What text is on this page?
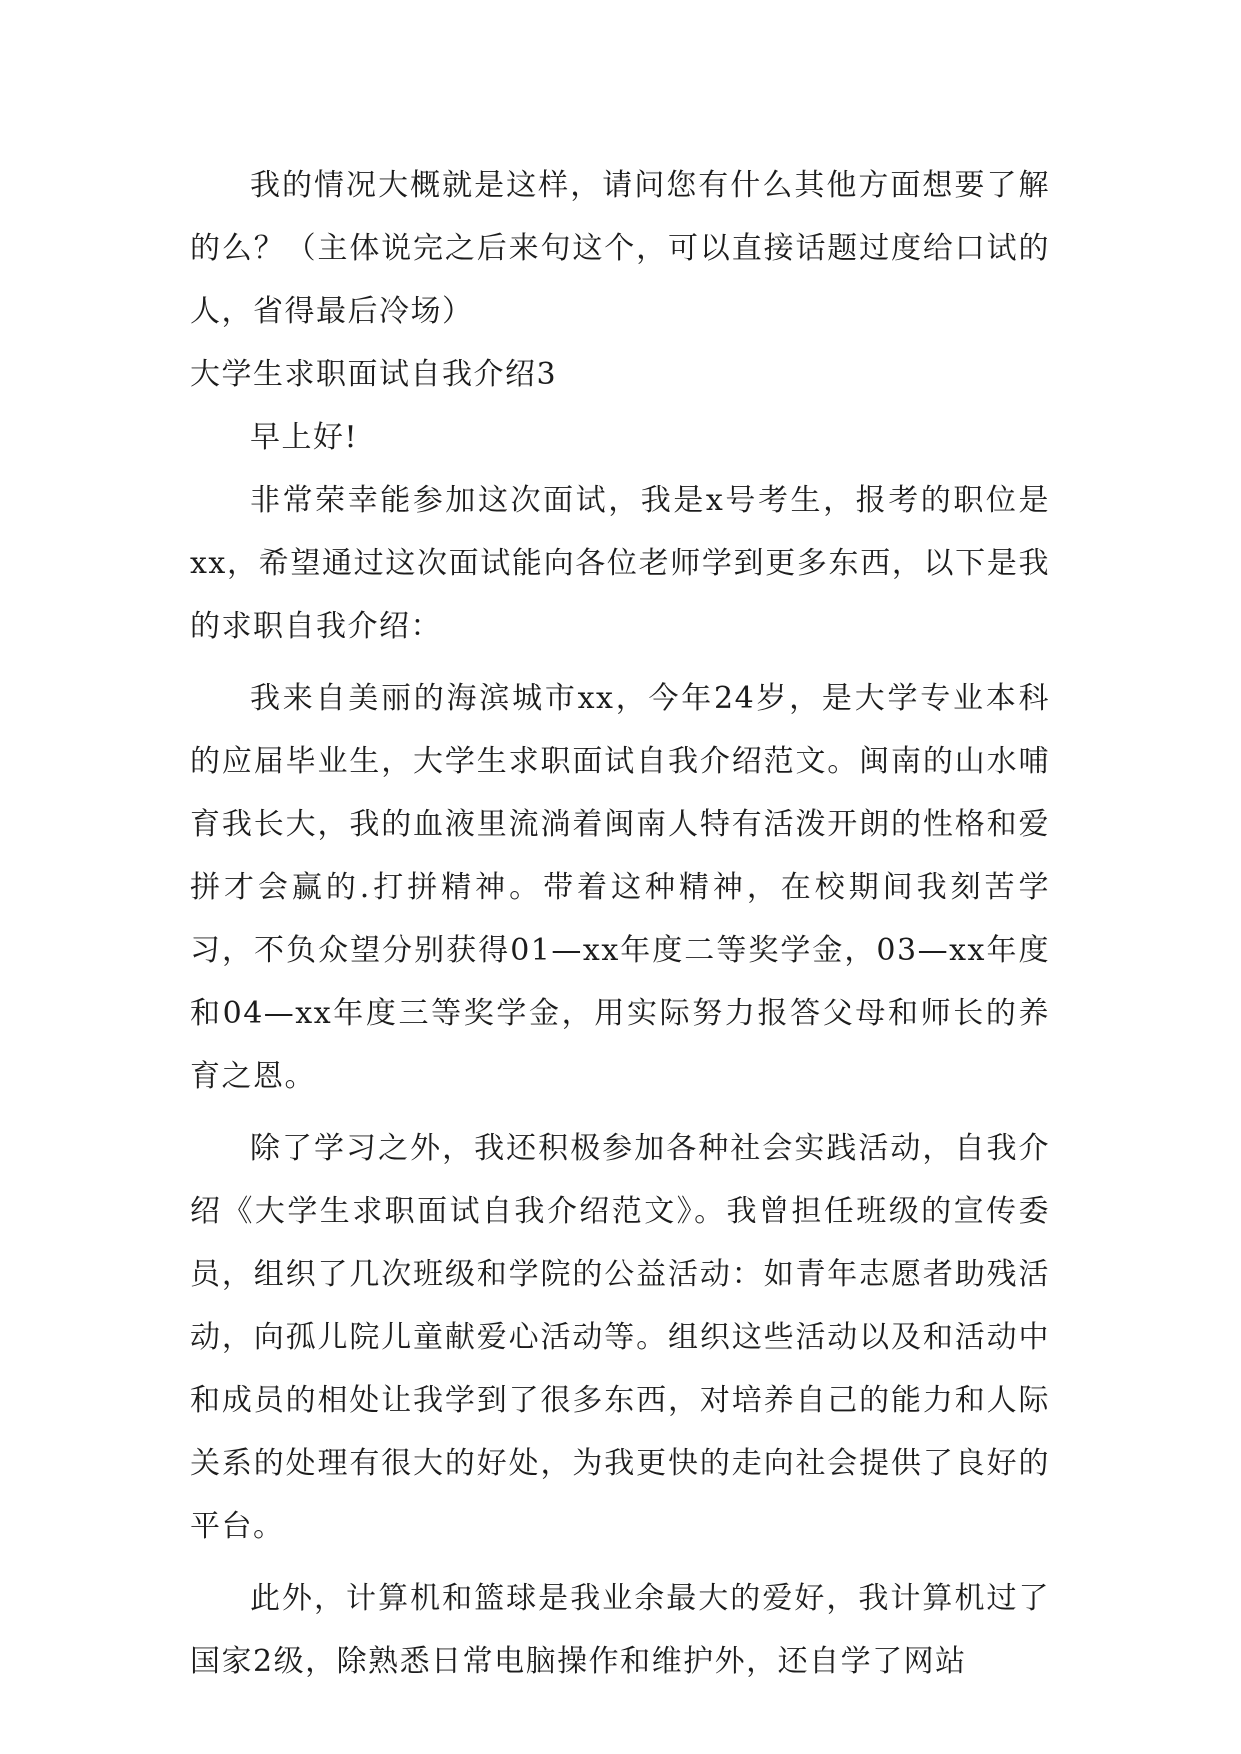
我的情况大概就是这样，请问您有什么其他方面想要了解的么？（主体说完之后来句这个，可以直接话题过度给口试的人，省得最后冷场）

大学生求职面试自我介绍3

早上好!

非常荣幸能参加这次面试，我是x号考生，报考的职位是xx，希望通过这次面试能向各位老师学到更多东西，以下是我的求职自我介绍：

我来自美丽的海滨城市xx，今年24岁，是大学专业本科的应届毕业生，大学生求职面试自我介绍范文。闽南的山水哺育我长大，我的血液里流淌着闽南人特有活泼开朗的性格和爱拼才会赢的.打拼精神。带着这种精神，在校期间我刻苦学习，不负众望分别获得01—xx年度二等奖学金，03—xx年度和04—xx年度三等奖学金，用实际努力报答父母和师长的养育之恩。

除了学习之外，我还积极参加各种社会实践活动，自我介绍《大学生求职面试自我介绍范文》。我曾担任班级的宣传委员，组织了几次班级和学院的公益活动：如青年志愿者助残活动，向孤儿院儿童献爱心活动等。组织这些活动以及和活动中和成员的相处让我学到了很多东西，对培养自己的能力和人际关系的处理有很大的好处，为我更快的走向社会提供了良好的平台。

此外，计算机和篮球是我业余最大的爱好，我计算机过了国家2级，除熟悉日常电脑操作和维护外，还自学了网站
